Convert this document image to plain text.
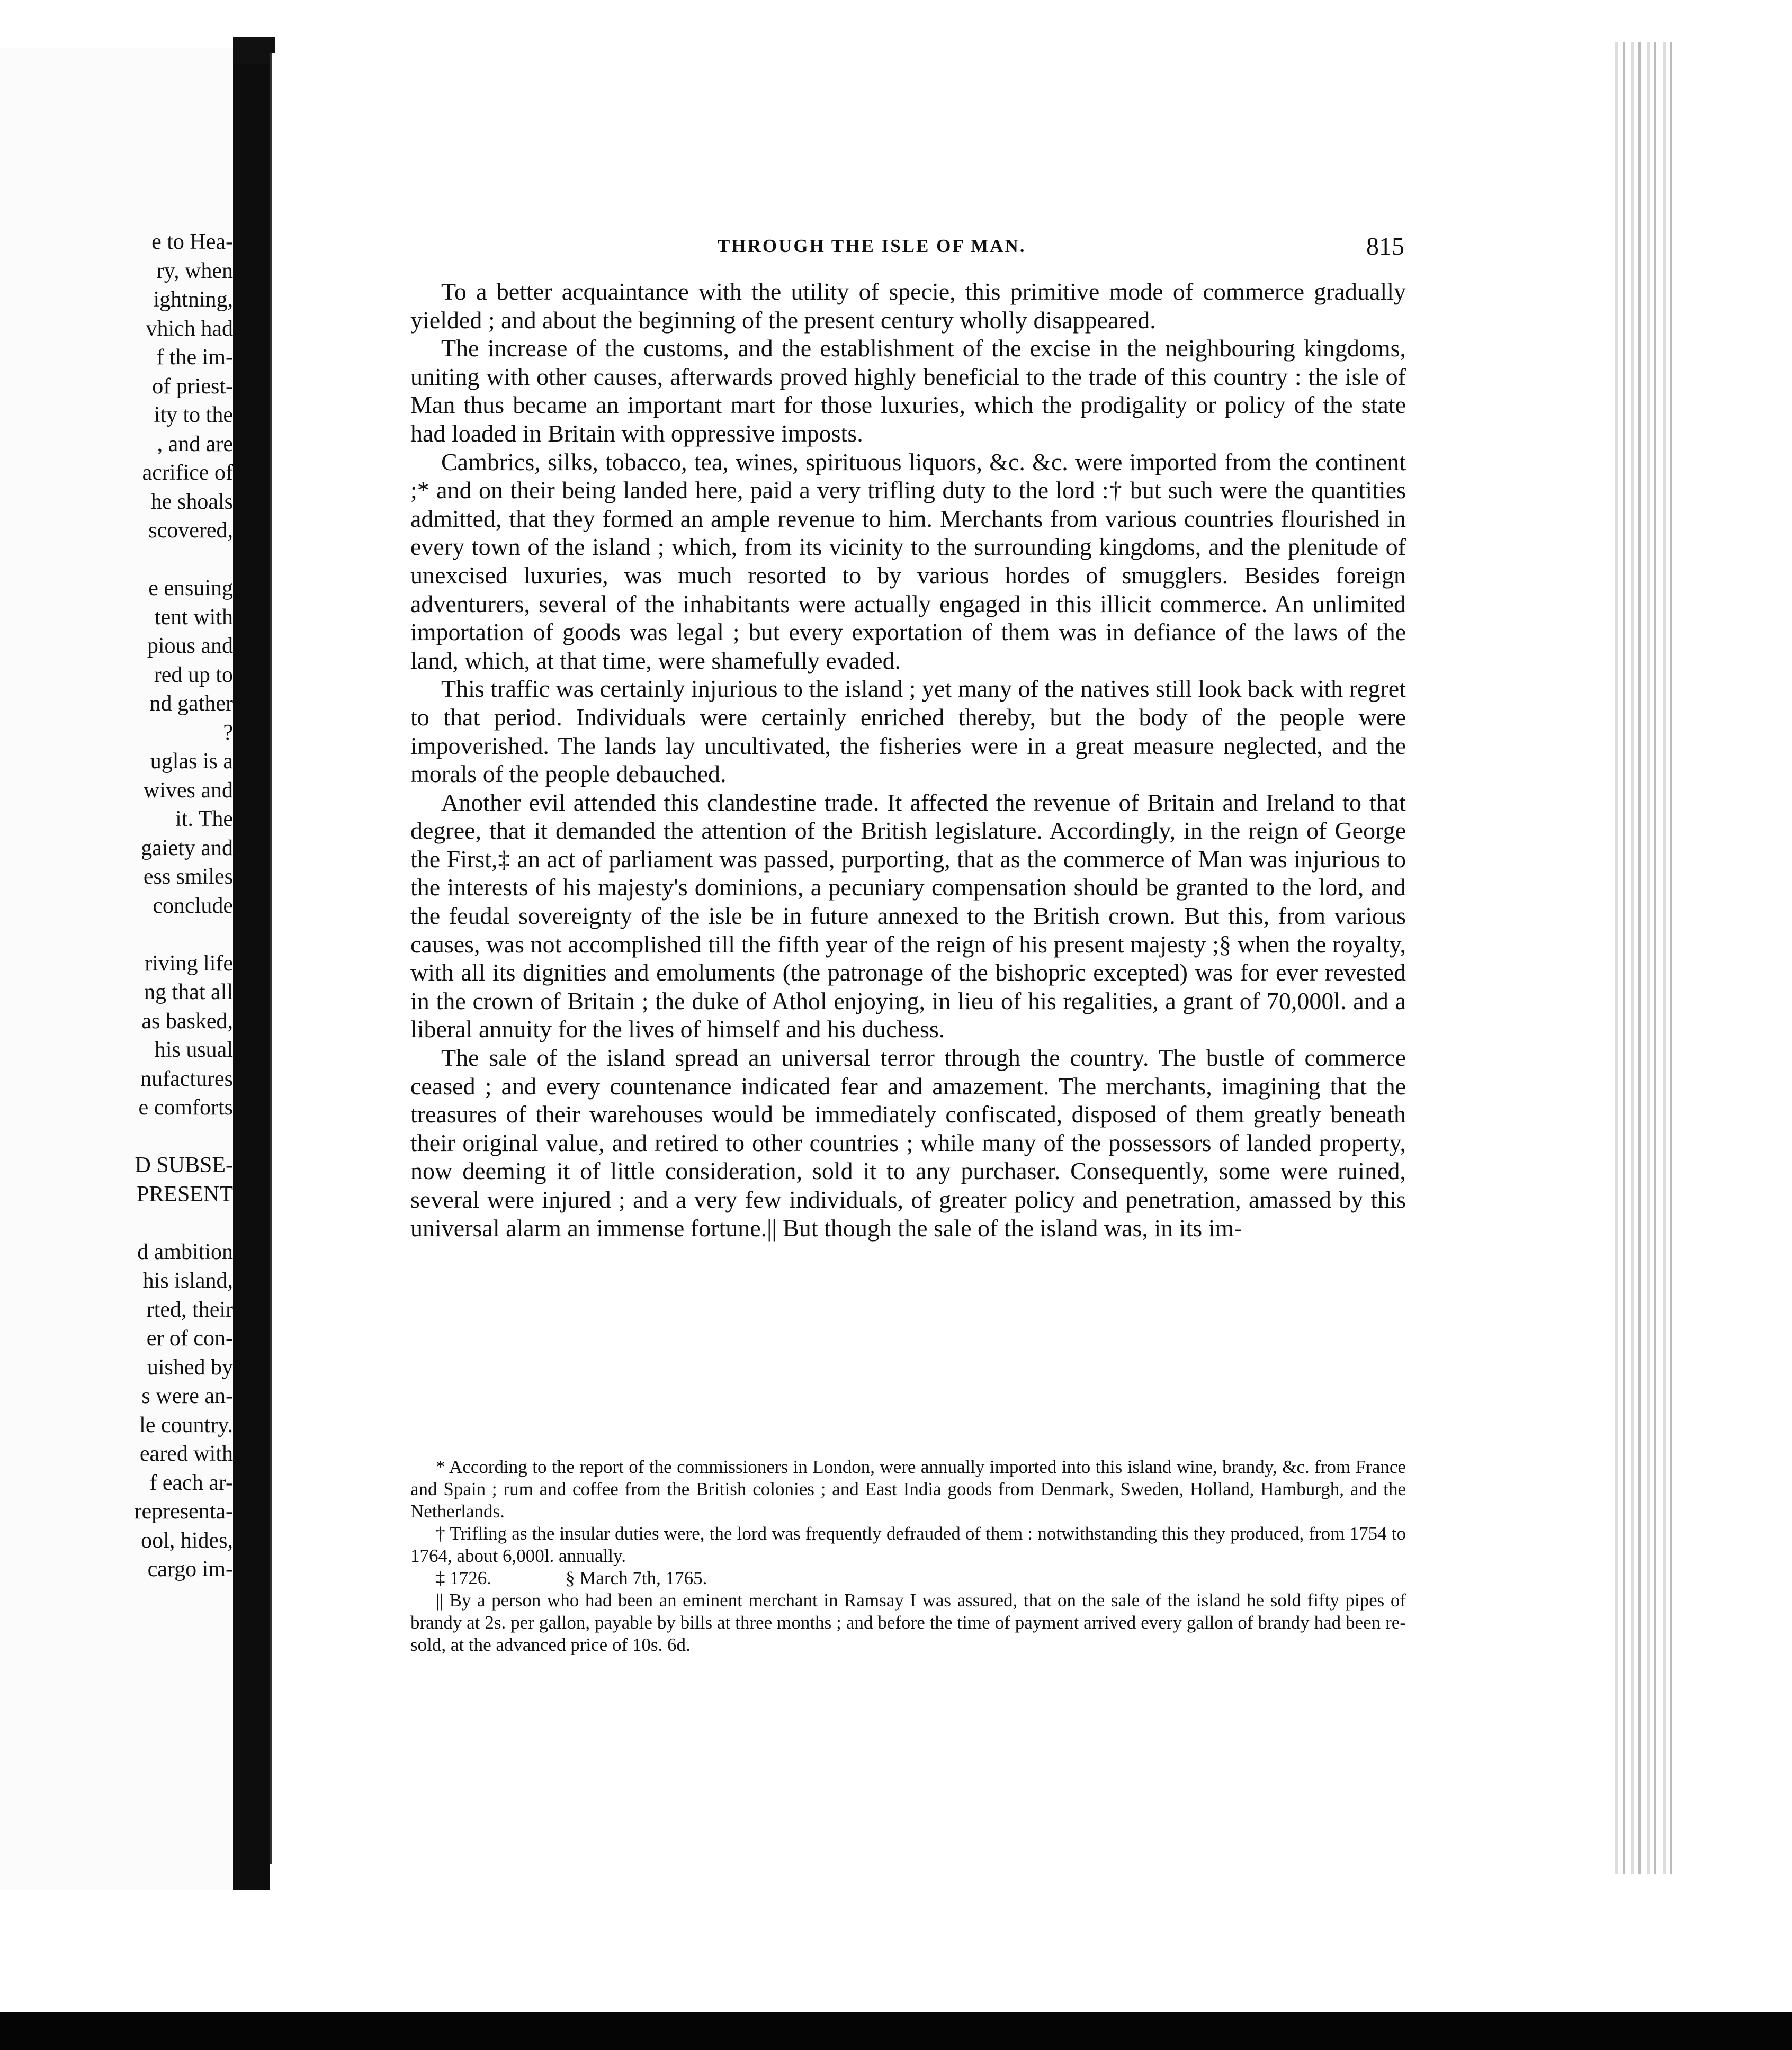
e to Hea-
ry, when
ightning,
vhich had
f the im-
of priest-
ity to the
, and are
acrifice of
he shoals
scovered,
e ensuing
tent with
pious and
red up to
nd gather
?
uglas is a
wives and
it. The
gaiety and
ess smiles
conclude
riving life
ng that all
as basked,
his usual
nufactures
e comforts
D SUBSE-
PRESENT
d ambition
his island,
rted, their
er of con-
uished by
s were an-
le country.
eared with
f each ar-
representa-
ool, hides,
cargo im-
THROUGH THE ISLE OF MAN.	815

To a better acquaintance with the utility of specie, this primitive mode of commerce gradually yielded ; and about the beginning of the present century wholly disappeared.

The increase of the customs, and the establishment of the excise in the neighbouring kingdoms, uniting with other causes, afterwards proved highly beneficial to the trade of this country : the isle of Man thus became an important mart for those luxuries, which the prodigality or policy of the state had loaded in Britain with oppressive imposts.

Cambrics, silks, tobacco, tea, wines, spirituous liquors, &c. &c. were imported from the continent ;* and on their being landed here, paid a very trifling duty to the lord :† but such were the quantities admitted, that they formed an ample revenue to him. Merchants from various countries flourished in every town of the island ; which, from its vicinity to the surrounding kingdoms, and the plenitude of unexcised luxuries, was much resorted to by various hordes of smugglers. Besides foreign adventurers, several of the inhabitants were actually engaged in this illicit commerce. An unlimited importation of goods was legal ; but every exportation of them was in defiance of the laws of the land, which, at that time, were shamefully evaded.

This traffic was certainly injurious to the island ; yet many of the natives still look back with regret to that period. Individuals were certainly enriched thereby, but the body of the people were impoverished. The lands lay uncultivated, the fisheries were in a great measure neglected, and the morals of the people debauched.

Another evil attended this clandestine trade. It affected the revenue of Britain and Ireland to that degree, that it demanded the attention of the British legislature. Accordingly, in the reign of George the First,‡ an act of parliament was passed, purporting, that as the commerce of Man was injurious to the interests of his majesty's dominions, a pecuniary compensation should be granted to the lord, and the feudal sovereignty of the isle be in future annexed to the British crown. But this, from various causes, was not accomplished till the fifth year of the reign of his present majesty ;§ when the royalty, with all its dignities and emoluments (the patronage of the bishopric excepted) was for ever revested in the crown of Britain ; the duke of Athol enjoying, in lieu of his regalities, a grant of 70,000l. and a liberal annuity for the lives of himself and his duchess.

The sale of the island spread an universal terror through the country. The bustle of commerce ceased ; and every countenance indicated fear and amazement. The merchants, imagining that the treasures of their warehouses would be immediately confiscated, disposed of them greatly beneath their original value, and retired to other countries ; while many of the possessors of landed property, now deeming it of little consideration, sold it to any purchaser. Consequently, some were ruined, several were injured ; and a very few individuals, of greater policy and penetration, amassed by this universal alarm an immense fortune.|| But though the sale of the island was, in its im-

* According to the report of the commissioners in London, were annually imported into this island wine, brandy, &c. from France and Spain ; rum and coffee from the British colonies ; and East India goods from Denmark, Sweden, Holland, Hamburgh, and the Netherlands.

† Trifling as the insular duties were, the lord was frequently defrauded of them : notwithstanding this they produced, from 1754 to 1764, about 6,000l. annually.

‡ 1726.                § March 7th, 1765.

|| By a person who had been an eminent merchant in Ramsay I was assured, that on the sale of the island he sold fifty pipes of brandy at 2s. per gallon, payable by bills at three months ; and before the time of payment arrived every gallon of brandy had been re-sold, at the advanced price of 10s. 6d.
